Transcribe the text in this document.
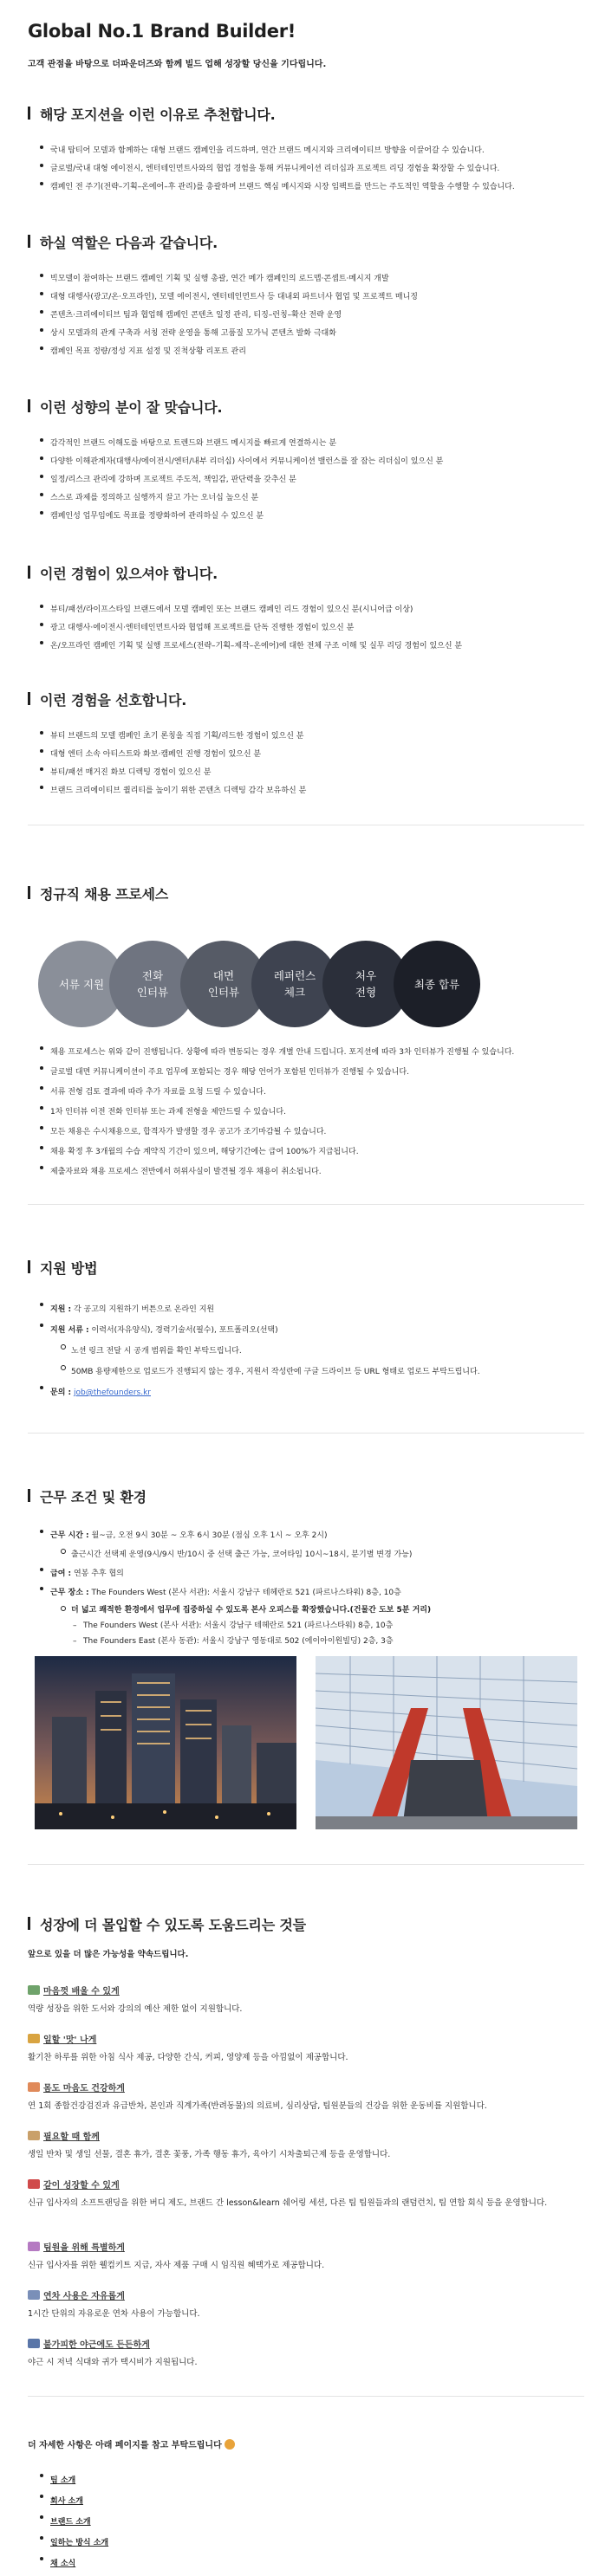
Global No.1 Brand Builder!
고객 관점을 바탕으로 더파운더즈와 함께 빌드 업해 성장할 당신을 기다립니다.
해당 포지션을 이런 이유로 추천합니다.
국내 탑티어 모델과 함께하는 대형 브랜드 캠페인을 리드하며, 연간 브랜드 메시지와 크리에이티브 방향을 이끌어갈 수 있습니다.
글로벌/국내 대형 에이전시, 엔터테인먼트사와의 협업 경험을 통해 커뮤니케이션 리더십과 프로젝트 리딩 경험을 확장할 수 있습니다.
캠페인 전 주기(전략–기획–온에어–후 관리)를 총괄하며 브랜드 핵심 메시지와 시장 임팩트를 만드는 주도적인 역할을 수행할 수 있습니다.
하실 역할은 다음과 같습니다.
빅모델이 참여하는 브랜드 캠페인 기획 및 실행 총괄, 연간 메가 캠페인의 로드맵·콘셉트·메시지 개발
대형 대행사(광고/온·오프라인), 모델 에이전시, 엔터테인먼트사 등 대내외 파트너사 협업 및 프로젝트 매니징
콘텐츠·크리에이티브 팀과 협업해 캠페인 콘텐츠 일정 관리, 티징–런칭–확산 전략 운영
상시 모델과의 관계 구축과 서칭 전략 운영을 통해 고품질 모가닉 콘텐츠 발화 극대화
캠페인 목표 정량/정성 지표 설정 및 진척상황 리포트 관리
이런 성향의 분이 잘 맞습니다.
감각적인 브랜드 이해도를 바탕으로 트렌드와 브랜드 메시지를 빠르게 연결하시는 분
다양한 이해관계자(대행사/에이전시/엔터/내부 리더십) 사이에서 커뮤니케이션 밸런스를 잘 잡는 리더십이 있으신 분
일정/리스크 관리에 강하며 프로젝트 주도적, 책임감, 판단력을 갖추신 분
스스로 과제를 정의하고 실행까지 끌고 가는 오너십 높으신 분
캠페인성 업무임에도 목표를 정량화하여 관리하실 수 있으신 분
이런 경험이 있으셔야 합니다.
뷰티/패션/라이프스타일 브랜드에서 모델 캠페인 또는 브랜드 캠페인 리드 경험이 있으신 분(시니어급 이상)
광고 대행사·에이전시·엔터테인먼트사와 협업해 프로젝트를 단독 진행한 경험이 있으신 분
온/오프라인 캠페인 기획 및 실행 프로세스(전략–기획–제작–온에어)에 대한 전체 구조 이해 및 실무 리딩 경험이 있으신 분
이런 경험을 선호합니다.
뷰티 브랜드의 모델 캠페인 초기 론칭을 직접 기획/리드한 경험이 있으신 분
대형 엔터 소속 아티스트와 화보·캠페인 진행 경험이 있으신 분
뷰티/패션 매거진 화보 디렉팅 경험이 있으신 분
브랜드 크리에이티브 퀄리티를 높이기 위한 콘텐츠 디렉팅 감각 보유하신 분
정규직 채용 프로세스
서류 지원
전화
인터뷰
대면
인터뷰
레퍼런스
체크
처우
전형
최종 합류
채용 프로세스는 위와 같이 진행됩니다. 상황에 따라 변동되는 경우 개별 안내 드립니다. 포지션에 따라 3차 인터뷰가 진행될 수 있습니다.
글로벌 대면 커뮤니케이션이 주요 업무에 포함되는 경우 해당 언어가 포함된 인터뷰가 진행될 수 있습니다.
서류 전형 검토 결과에 따라 추가 자료를 요청 드릴 수 있습니다.
1차 인터뷰 이전 전화 인터뷰 또는 과제 전형을 제안드릴 수 있습니다.
모든 채용은 수시채용으로, 합격자가 발생할 경우 공고가 조기마감될 수 있습니다.
채용 확정 후 3개월의 수습 계약직 기간이 있으며, 해당기간에는 급여 100%가 지급됩니다.
제출자료와 채용 프로세스 전반에서 허위사실이 발견될 경우 채용이 취소됩니다.
지원 방법
지원 : 각 공고의 지원하기 버튼으로 온라인 지원
지원 서류 : 이력서(자유양식), 경력기술서(필수), 포트폴리오(선택)
노션 링크 전달 시 공개 범위를 확인 부탁드립니다.
50MB 용량제한으로 업로드가 진행되지 않는 경우, 지원서 작성란에 구글 드라이브 등 URL 형태로 업로드 부탁드립니다.
문의 : job@thefounders.kr
근무 조건 및 환경
근무 시간 : 월~금, 오전 9시 30분 ~ 오후 6시 30분 (점심 오후 1시 ~ 오후 2시)
출근시간 선택제 운영(9시/9시 반/10시 중 선택 출근 가능, 코어타임 10시~18시, 분기별 변경 가능)
급여 : 연봉 추후 협의
근무 장소 : The Founders West (본사 서관): 서울시 강남구 테헤란로 521 (파르나스타워) 8층, 10층
더 넓고 쾌적한 환경에서 업무에 집중하실 수 있도록 본사 오피스를 확장했습니다.(건물간 도보 5분 거리)
– The Founders West (본사 서관): 서울시 강남구 테헤란로 521 (파르나스타워) 8층, 10층
– The Founders East (본사 동관): 서울시 강남구 영동대로 502 (에이아이원빌딩) 2층, 3층
성장에 더 몰입할 수 있도록 도움드리는 것들
앞으로 있을 더 많은 가능성을 약속드립니다.
마음껏 배울 수 있게
역량 성장을 위한 도서와 강의의 예산 제한 없이 지원합니다.
일할 '맛' 나게
활기찬 하루를 위한 아침 식사 제공, 다양한 간식, 커피, 영양제 등을 아낌없이 제공합니다.
몸도 마음도 건강하게
연 1회 종합건강검진과 유급반차, 본인과 직계가족(반려동물)의 의료비, 심리상담, 팀원분들의 건강을 위한 운동비를 지원합니다.
필요할 때 함께
생일 반차 및 생일 선물, 결혼 휴가, 결혼 꽃풍, 가족 행동 휴가, 육아기 시차출퇴근제 등을 운영합니다.
같이 성장할 수 있게
신규 입사자의 소프트랜딩을 위한 버디 제도, 브랜드 간 lesson&learn 쉐어링 세션, 다른 팀 팀원들과의 랜덤런치, 팀 연합 회식 등을 운영합니다.
팀원을 위해 특별하게
신규 입사자를 위한 웰컴키트 지급, 자사 제품 구매 시 임직원 혜택가로 제공합니다.
연차 사용은 자유롭게
1시간 단위의 자유로운 연차 사용이 가능합니다.
불가피한 야근에도 든든하게
야근 시 저녁 식대와 귀가 택시비가 지원됩니다.
더 자세한 사항은 아래 페이지를 참고 부탁드립니다
팀 소개
회사 소개
브랜드 소개
일하는 방식 소개
채 소식
